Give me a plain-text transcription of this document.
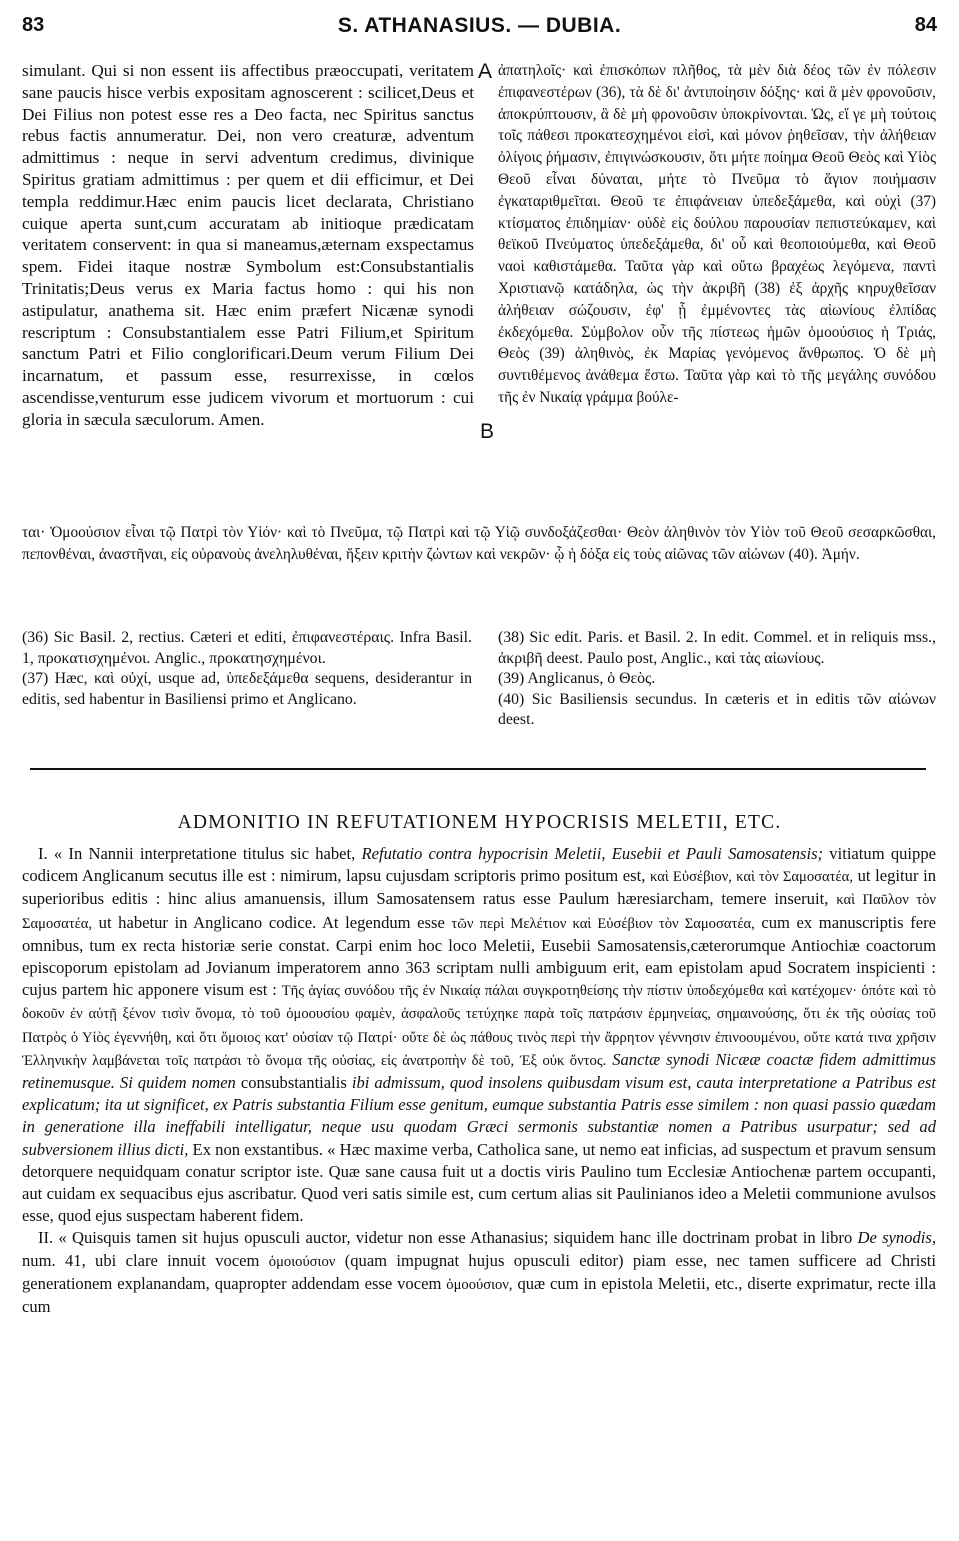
83	S. ATHANASIUS. — DUBIA.	84
simulant. Qui si non essent iis affectibus præoccupati, veritatem sane paucis hisce verbis expositam agnoscerent : scilicet,Deus et Dei Filius non potest esse res a Deo facta, nec Spiritus sanctus rebus factis annumeratur. Dei, non vero creaturæ, adventum admittimus : neque in servi adventum credimus, divinique Spiritus gratiam admittimus : per quem et dii efficimur, et Dei templa reddimur.Hæc enim paucis licet declarata, Christiano cuique aperta sunt,cum accuratam ab initioque prædicatam veritatem conservent: in qua si maneamus,æternam exspectamus spem. Fidei itaque nostræ Symbolum est:Consubstantialis Trinitatis;Deus verus ex Maria factus homo : qui his non astipulatur, anathema sit. Hæc enim præfert Nicænæ synodi rescriptum : Consubstantialem esse Patri Filium,et Spiritum sanctum Patri et Filio conglorificari.Deum verum Filium Dei incarnatum, et passum esse, resurrexisse, in cœlos ascendisse,venturum esse judicem vivorum et mortuorum : cui gloria in sæcula sæculorum. Amen.
A
B
ἀπατηλοῖς· καὶ ἐπισκόπων πλῆθος, τὰ μὲν διὰ δέος τῶν ἐν πόλεσιν ἐπιφανεστέρων (36), τὰ δὲ δι' ἀντιποίησιν δόξης· καὶ ἃ μὲν φρονοῦσιν, ἀποκρύπτουσιν, ἃ δὲ μὴ φρονοῦσιν ὑποκρίνονται. Ὡς, εἴ γε μὴ τούτοις τοῖς πάθεσι προκατεσχημένοι εἰσὶ, καὶ μόνον ῥηθεῖσαν, τὴν ἀλήθειαν ὀλίγοις ῥήμασιν, ἐπιγινώσκουσιν, ὅτι μήτε ποίημα Θεοῦ Θεὸς καὶ Υἱὸς Θεοῦ εἶναι δύναται, μήτε τὸ Πνεῦμα τὸ ἅγιον ποιήμασιν ἐγκαταριθμεῖται. Θεοῦ τε ἐπιφάνειαν ὑπεδεξάμεθα, καὶ οὐχὶ (37) κτίσματος ἐπιδημίαν· οὐδὲ εἰς δούλου παρουσίαν πεπιστεύκαμεν, καὶ θεϊκοῦ Πνεύματος ὑπεδεξάμεθα, δι' οὗ καὶ θεοποιούμεθα, καὶ Θεοῦ ναοὶ καθιστάμεθα. Ταῦτα γὰρ καὶ οὕτω βραχέως λεγόμενα, παντὶ Χριστιανῷ κατάδηλα, ὡς τὴν ἀκριβῆ (38) ἐξ ἀρχῆς κηρυχθεῖσαν ἀλήθειαν σώζουσιν, ἐφ' ᾗ ἐμμένοντες τὰς αἰωνίους ἐλπίδας ἐκδεχόμεθα. Σύμβολον οὖν τῆς πίστεως ἡμῶν ὁμοούσιος ἡ Τριάς, Θεὸς (39) ἀληθινὸς, ἐκ Μαρίας γενόμενος ἄνθρωπος. Ὁ δὲ μὴ συντιθέμενος ἀνάθεμα ἔστω. Ταῦτα γὰρ καὶ τὸ τῆς μεγάλης συνόδου τῆς ἐν Νικαίᾳ γράμμα βούλε-
ται· Ὁμοούσιον εἶναι τῷ Πατρὶ τὸν Υἱόν· καὶ τὸ Πνεῦμα, τῷ Πατρὶ καὶ τῷ Υἱῷ συνδοξάζεσθαι· Θεὸν ἀληθινὸν τὸν Υἱὸν τοῦ Θεοῦ σεσαρκῶσθαι, πεπονθέναι, ἀναστῆναι, εἰς οὐρανοὺς ἀνεληλυθέναι, ἥξειν κριτὴν ζώντων καὶ νεκρῶν· ᾧ ἡ δόξα εἰς τοὺς αἰῶνας τῶν αἰώνων (40). Ἀμήν.
(36) Sic Basil. 2, rectius. Cæteri et editi, ἐπιφανεστέραις. Infra Basil. 1, προκατισχημένοι. Anglic., προκατησχημένοι.
(37) Hæc, καὶ οὐχί, usque ad, ὑπεδεξάμεθα sequens, desiderantur in editis, sed habentur in Basiliensi primo et Anglicano.
(38) Sic edit. Paris. et Basil. 2. In edit. Commel. et in reliquis mss., ἀκριβῆ deest. Paulo post, Anglic., καὶ τὰς αἰωνίους.
(39) Anglicanus, ὁ Θεὸς.
(40) Sic Basiliensis secundus. In cæteris et in editis τῶν αἰώνων deest.
ADMONITIO IN REFUTATIONEM HYPOCRISIS MELETII, ETC.

I. « In Nannii interpretatione titulus sic habet, Refutatio contra hypocrisin Meletii, Eusebii et Pauli Samosatensis; vitiatum quippe codicem Anglicanum secutus ille est : nimirum, lapsu cujusdam scriptoris primo positum est, καὶ Εὐσέβιον, καὶ τὸν Σαμοσατέα, ut legitur in superioribus editis : hinc alius amanuensis, illum Samosatensem ratus esse Paulum hæresiarcham, temere inseruit, καὶ Παῦλον τὸν Σαμοσατέα, ut habetur in Anglicano codice. At legendum esse τῶν περὶ Μελέτιον καὶ Εὐσέβιον τὸν Σαμοσατέα, cum ex manuscriptis fere omnibus, tum ex recta historiæ serie constat. Carpi enim hoc loco Meletii, Eusebii Samosatensis,cæterorumque Antiochiæ coactorum episcoporum epistolam ad Jovianum imperatorem anno 363 scriptam nulli ambiguum erit, eam epistolam apud Socratem inspicienti : cujus partem hic apponere visum est : Τῆς ἁγίας συνόδου τῆς ἐν Νικαίᾳ πάλαι συγκροτηθείσης τὴν πίστιν ὑποδεχόμεθα καὶ κατέχομεν· ὁπότε καὶ τὸ δοκοῦν ἐν αὐτῇ ξένον τισὶν ὄνομα, τὸ τοῦ ὁμοουσίου φαμὲν, ἀσφαλοῦς τετύχηκε παρὰ τοῖς πατράσιν ἑρμηνείας, σημαινούσης, ὅτι ἐκ τῆς οὐσίας τοῦ Πατρὸς ὁ Υἱὸς ἐγεννήθη, καὶ ὅτι ὅμοιος κατ' οὐσίαν τῷ Πατρί· οὔτε δὲ ὡς πάθους τινὸς περὶ τὴν ἄρρητον γέννησιν ἐπινοουμένου, οὔτε κατά τινα χρῆσιν Ἑλληνικὴν λαμβάνεται τοῖς πατράσι τὸ ὄνομα τῆς οὐσίας, εἰς ἀνατροπὴν δὲ τοῦ, Ἐξ οὐκ ὄντος. Sanctæ synodi Nicææ coactæ fidem admittimus retinemusque. Si quidem nomen consubstantialis ibi admissum, quod insolens quibusdam visum est, cauta interpretatione a Patribus est explicatum; ita ut significet, ex Patris substantia Filium esse genitum, eumque substantia Patris esse similem : non quasi passio quædam in generatione illa ineffabili intelligatur, neque usu quodam Græci sermonis substantiæ nomen a Patribus usurpatur; sed ad subversionem illius dicti, Ex non exstantibus. « Hæc maxime verba, Catholica sane, ut nemo eat inficias, ad suspectum et pravum sensum detorquere nequidquam conatur scriptor iste. Quæ sane causa fuit ut a doctis viris Paulino tum Ecclesiæ Antiochenæ partem occupanti, aut cuidam ex sequacibus ejus ascribatur. Quod veri satis simile est, cum certum alias sit Paulinianos ideo a Meletii communione avulsos esse, quod ejus suspectam haberent fidem.

II. « Quisquis tamen sit hujus opusculi auctor, videtur non esse Athanasius; siquidem hanc ille doctrinam probat in libro De synodis, num. 41, ubi clare innuit vocem ὁμοιούσιον (quam impugnat hujus opusculi editor) piam esse, nec tamen sufficere ad Christi generationem explanandam, quapropter addendam esse vocem ὁμοούσιον, quæ cum in epistola Meletii, etc., diserte exprimatur, recte illa cum
